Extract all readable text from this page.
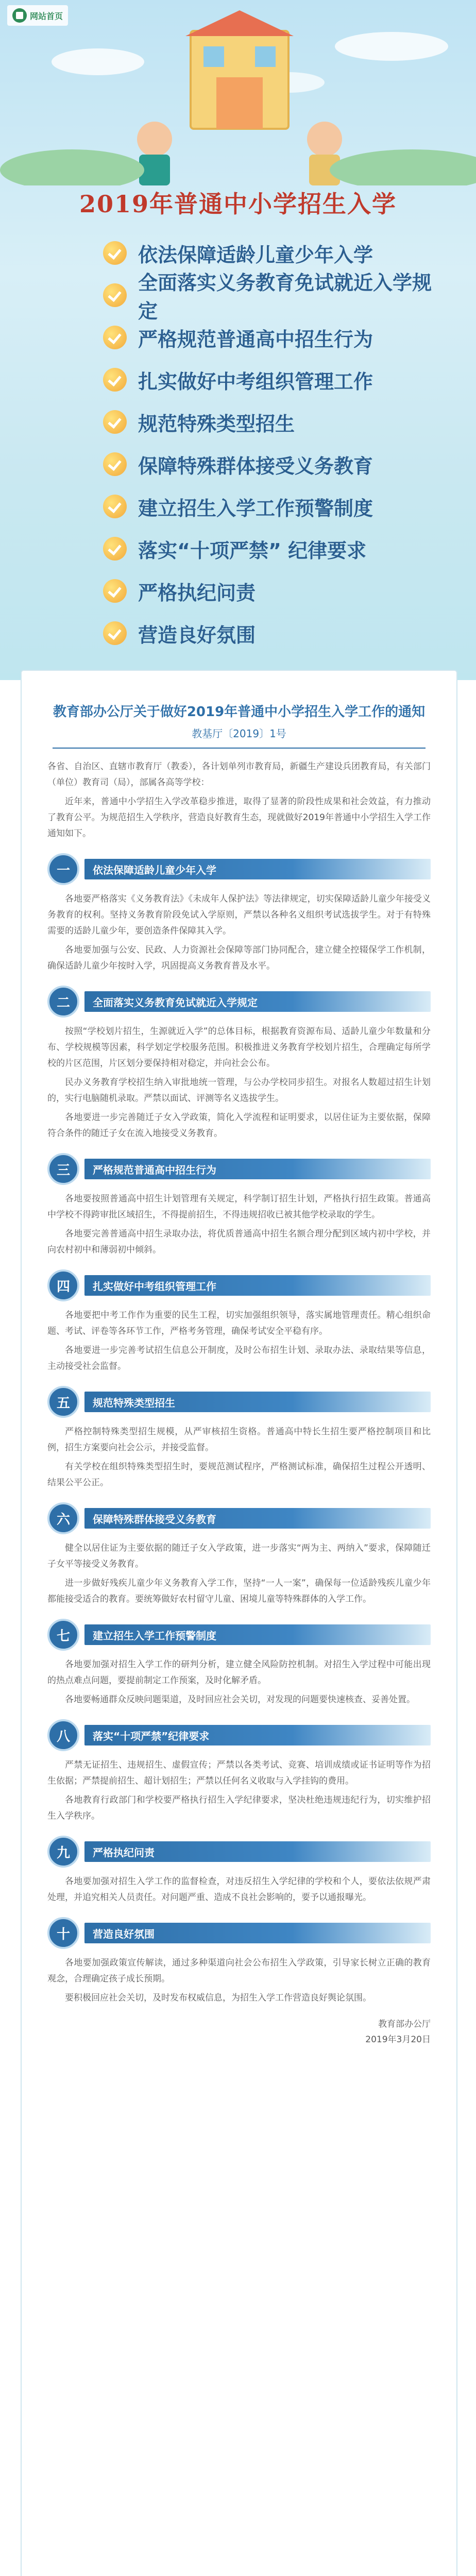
网站首页
2019年普通中小学招生入学
依法保障适龄儿童少年入学
全面落实义务教育免试就近入学规定
严格规范普通高中招生行为
扎实做好中考组织管理工作
规范特殊类型招生
保障特殊群体接受义务教育
建立招生入学工作预警制度
落实“十项严禁” 纪律要求
严格执纪问责
营造良好氛围
教育部办公厅关于做好2019年普通中小学招生入学工作的通知
教基厅〔2019〕1号

各省、自治区、直辖市教育厅（教委），各计划单列市教育局，新疆生产建设兵团教育局，有关部门（单位）教育司（局），部属各高等学校：

近年来，普通中小学招生入学改革稳步推进，取得了显著的阶段性成果和社会效益，有力推动了教育公平。为规范招生入学秩序，营造良好教育生态，现就做好2019年普通中小学招生入学工作通知如下。

一	依法保障适龄儿童少年入学

各地要严格落实《义务教育法》《未成年人保护法》等法律规定，切实保障适龄儿童少年接受义务教育的权利。坚持义务教育阶段免试入学原则，严禁以各种名义组织考试选拔学生。对于有特殊需要的适龄儿童少年，要创造条件保障其入学。

各地要加强与公安、民政、人力资源社会保障等部门协同配合，建立健全控辍保学工作机制，确保适龄儿童少年按时入学，巩固提高义务教育普及水平。

二	全面落实义务教育免试就近入学规定

按照“学校划片招生，生源就近入学”的总体目标，根据教育资源布局、适龄儿童少年数量和分布、学校规模等因素，科学划定学校服务范围。积极推进义务教育学校划片招生，合理确定每所学校的片区范围，片区划分要保持相对稳定，并向社会公布。

民办义务教育学校招生纳入审批地统一管理，与公办学校同步招生。对报名人数超过招生计划的，实行电脑随机录取。严禁以面试、评测等名义选拔学生。

各地要进一步完善随迁子女入学政策，简化入学流程和证明要求，以居住证为主要依据，保障符合条件的随迁子女在流入地接受义务教育。

三	严格规范普通高中招生行为

各地要按照普通高中招生计划管理有关规定，科学制订招生计划，严格执行招生政策。普通高中学校不得跨审批区域招生，不得提前招生，不得违规招收已被其他学校录取的学生。

各地要完善普通高中招生录取办法，将优质普通高中招生名额合理分配到区域内初中学校，并向农村初中和薄弱初中倾斜。

四	扎实做好中考组织管理工作

各地要把中考工作作为重要的民生工程，切实加强组织领导，落实属地管理责任。精心组织命题、考试、评卷等各环节工作，严格考务管理，确保考试安全平稳有序。

各地要进一步完善考试招生信息公开制度，及时公布招生计划、录取办法、录取结果等信息，主动接受社会监督。

五	规范特殊类型招生

严格控制特殊类型招生规模，从严审核招生资格。普通高中特长生招生要严格控制项目和比例，招生方案要向社会公示，并接受监督。

有关学校在组织特殊类型招生时，要规范测试程序，严格测试标准，确保招生过程公开透明、结果公平公正。

六	保障特殊群体接受义务教育

健全以居住证为主要依据的随迁子女入学政策，进一步落实“两为主、两纳入”要求，保障随迁子女平等接受义务教育。

进一步做好残疾儿童少年义务教育入学工作，坚持“一人一案”，确保每一位适龄残疾儿童少年都能接受适合的教育。要统筹做好农村留守儿童、困境儿童等特殊群体的入学工作。

七	建立招生入学工作预警制度

各地要加强对招生入学工作的研判分析，建立健全风险防控机制。对招生入学过程中可能出现的热点难点问题，要提前制定工作预案，及时化解矛盾。

各地要畅通群众反映问题渠道，及时回应社会关切，对发现的问题要快速核查、妥善处置。

八	落实“十项严禁”纪律要求

严禁无证招生、违规招生、虚假宣传；严禁以各类考试、竞赛、培训成绩或证书证明等作为招生依据；严禁提前招生、超计划招生；严禁以任何名义收取与入学挂钩的费用。

各地教育行政部门和学校要严格执行招生入学纪律要求，坚决杜绝违规违纪行为，切实维护招生入学秩序。

九	严格执纪问责

各地要加强对招生入学工作的监督检查，对违反招生入学纪律的学校和个人，要依法依规严肃处理，并追究相关人员责任。对问题严重、造成不良社会影响的，要予以通报曝光。

十	营造良好氛围

各地要加强政策宣传解读，通过多种渠道向社会公布招生入学政策，引导家长树立正确的教育观念，合理确定孩子成长预期。

要积极回应社会关切，及时发布权威信息，为招生入学工作营造良好舆论氛围。

教育部办公厅
2019年3月20日
